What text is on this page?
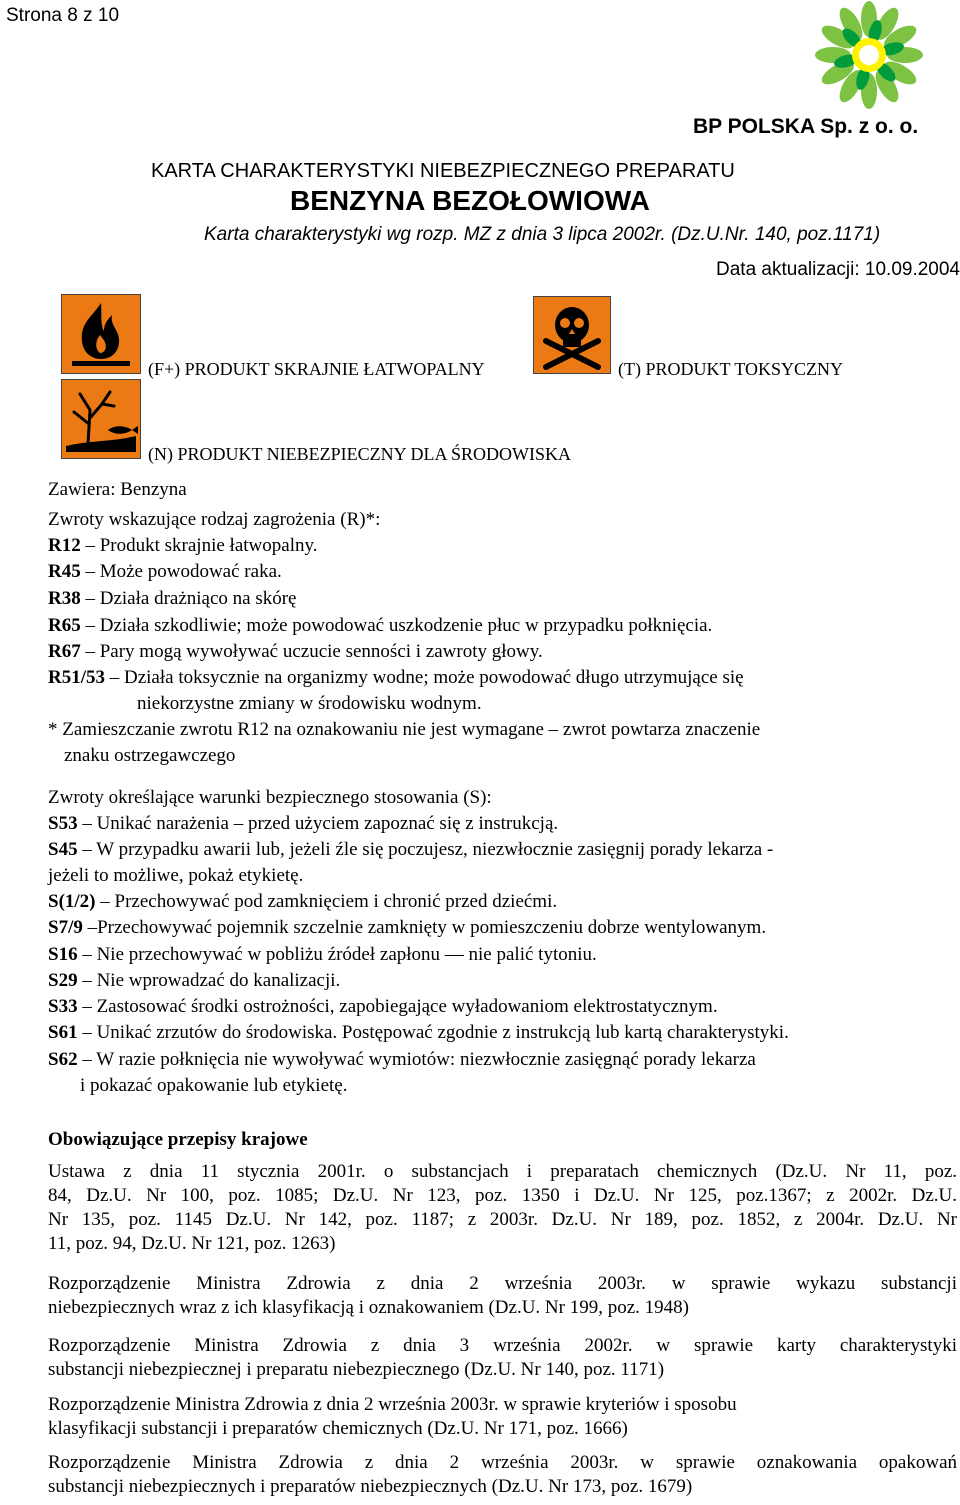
Strona 8 z 10
BP POLSKA Sp. z o. o.
KARTA CHARAKTERYSTYKI NIEBEZPIECZNEGO PREPARATU
BENZYNA BEZOŁOWIOWA
Karta charakterystyki wg rozp. MZ z dnia 3 lipca 2002r. (Dz.U.Nr. 140, poz.1171)
Data aktualizacji: 10.09.2004
(F+) PRODUKT SKRAJNIE ŁATWOPALNY	(T) PRODUKT TOKSYCZNY
(N) PRODUKT NIEBEZPIECZNY DLA ŚRODOWISKA
Zawiera: Benzyna
Zwroty wskazujące rodzaj zagrożenia (R)*:
R12 – Produkt skrajnie łatwopalny.
R45 – Może powodować raka.
R38 – Działa drażniąco na skórę
R65 – Działa szkodliwie; może powodować uszkodzenie płuc w przypadku połknięcia.
R67 – Pary mogą wywoływać uczucie senności i zawroty głowy.
R51/53 – Działa toksycznie na organizmy wodne; może powodować długo utrzymujące się
niekorzystne zmiany w środowisku wodnym.
* Zamieszczanie zwrotu R12 na oznakowaniu nie jest wymagane – zwrot powtarza znaczenie
znaku ostrzegawczego
Zwroty określające warunki bezpiecznego stosowania (S):
S53 – Unikać narażenia – przed użyciem zapoznać się z instrukcją.
S45 – W przypadku awarii lub, jeżeli źle się poczujesz, niezwłocznie zasięgnij porady lekarza -
jeżeli to możliwe, pokaż etykietę.
S(1/2) – Przechowywać pod zamknięciem i chronić przed dziećmi.
S7/9 –Przechowywać pojemnik szczelnie zamknięty w pomieszczeniu dobrze wentylowanym.
S16 – Nie przechowywać w pobliżu źródeł zapłonu — nie palić tytoniu.
S29 – Nie wprowadzać do kanalizacji.
S33 – Zastosować środki ostrożności, zapobiegające wyładowaniom elektrostatycznym.
S61 – Unikać zrzutów do środowiska. Postępować zgodnie z instrukcją lub kartą charakterystyki.
S62 – W razie połknięcia nie wywoływać wymiotów: niezwłocznie zasięgnąć porady lekarza
i pokazać opakowanie lub etykietę.
Obowiązujące przepisy krajowe
Ustawa z dnia 11 stycznia 2001r. o substancjach i preparatach chemicznych (Dz.U. Nr 11, poz.
84, Dz.U. Nr 100, poz. 1085; Dz.U. Nr 123, poz. 1350 i Dz.U. Nr 125, poz.1367; z 2002r. Dz.U.
Nr 135, poz. 1145 Dz.U. Nr 142, poz. 1187; z 2003r. Dz.U. Nr 189, poz. 1852, z 2004r. Dz.U. Nr
11, poz. 94, Dz.U. Nr 121, poz. 1263)
Rozporządzenie Ministra Zdrowia z dnia 2 września 2003r. w sprawie wykazu substancji
niebezpiecznych wraz z ich klasyfikacją i oznakowaniem (Dz.U. Nr 199, poz. 1948)
Rozporządzenie Ministra Zdrowia z dnia 3 września 2002r. w sprawie karty charakterystyki
substancji niebezpiecznej i preparatu niebezpiecznego (Dz.U. Nr 140, poz. 1171)
Rozporządzenie Ministra Zdrowia z dnia 2 września 2003r. w sprawie kryteriów i sposobu
klasyfikacji substancji i preparatów chemicznych (Dz.U. Nr 171, poz. 1666)
Rozporządzenie Ministra Zdrowia z dnia 2 września 2003r. w sprawie oznakowania opakowań
substancji niebezpiecznych i preparatów niebezpiecznych (Dz.U. Nr 173, poz. 1679)
